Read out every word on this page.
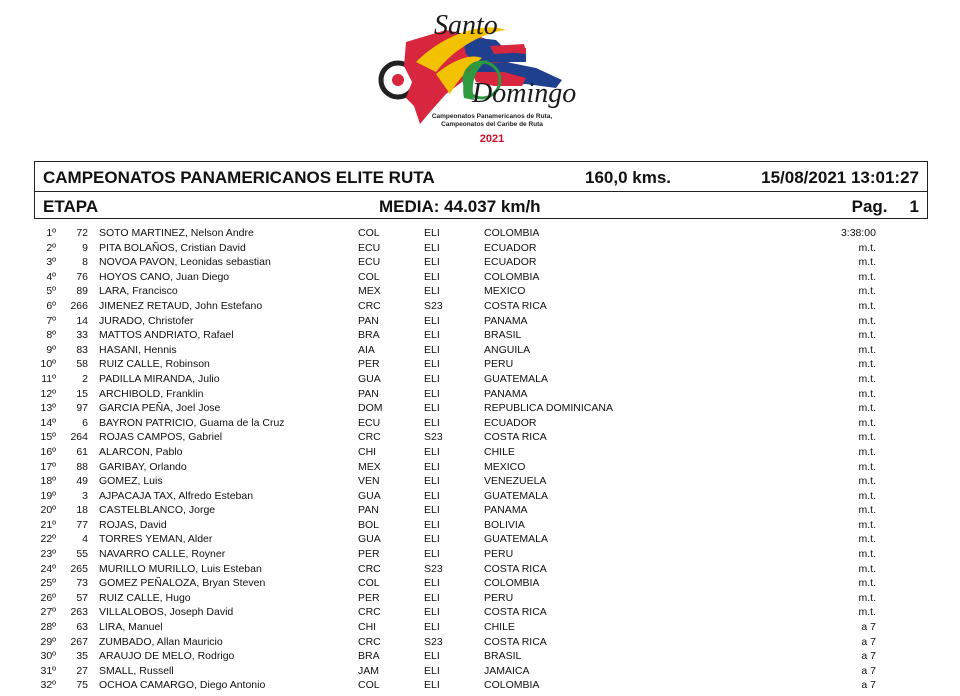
Santo
Domingo
Campeonatos Panamericanos de Ruta,
Campeonatos del Caribe de Ruta
2021
CAMPEONATOS PANAMERICANOS ELITE RUTA	160,0 kms.	15/08/2021 13:01:27
ETAPA	MEDIA: 44.037 km/h	Pag. 1
1º	72 SOTO MARTINEZ, Nelson Andre	COL	ELI	COLOMBIA	3:38:00
2º	9 PITA BOLAÑOS, Cristian David	ECU	ELI	ECUADOR	m.t.
3º	8 NOVOA PAVON, Leonidas sebastian	ECU	ELI	ECUADOR	m.t.
4º	76 HOYOS CANO, Juan Diego	COL	ELI	COLOMBIA	m.t.
5º	89 LARA, Francisco	MEX	ELI	MEXICO	m.t.
6º	266 JIMENEZ RETAUD, John Estefano	CRC	S23	COSTA RICA	m.t.
7º	14 JURADO, Christofer	PAN	ELI	PANAMA	m.t.
8º	33 MATTOS ANDRIATO, Rafael	BRA	ELI	BRASIL	m.t.
9º	83 HASANI, Hennis	AIA	ELI	ANGUILA	m.t.
10º	58 RUIZ CALLE, Robinson	PER	ELI	PERU	m.t.
11º	2 PADILLA MIRANDA, Julio	GUA	ELI	GUATEMALA	m.t.
12º	15 ARCHIBOLD, Franklin	PAN	ELI	PANAMA	m.t.
13º	97 GARCIA PEÑA, Joel Jose	DOM	ELI	REPUBLICA DOMINICANA	m.t.
14º	6 BAYRON PATRICIO, Guama de la Cruz	ECU	ELI	ECUADOR	m.t.
15º	264 ROJAS CAMPOS, Gabriel	CRC	S23	COSTA RICA	m.t.
16º	61 ALARCON, Pablo	CHI	ELI	CHILE	m.t.
17º	88 GARIBAY, Orlando	MEX	ELI	MEXICO	m.t.
18º	49 GOMEZ, Luis	VEN	ELI	VENEZUELA	m.t.
19º	3 AJPACAJA TAX, Alfredo Esteban	GUA	ELI	GUATEMALA	m.t.
20º	18 CASTELBLANCO, Jorge	PAN	ELI	PANAMA	m.t.
21º	77 ROJAS, David	BOL	ELI	BOLIVIA	m.t.
22º	4 TORRES YEMAN, Alder	GUA	ELI	GUATEMALA	m.t.
23º	55 NAVARRO CALLE, Royner	PER	ELI	PERU	m.t.
24º	265 MURILLO MURILLO, Luis Esteban	CRC	S23	COSTA RICA	m.t.
25º	73 GOMEZ PEÑALOZA, Bryan Steven	COL	ELI	COLOMBIA	m.t.
26º	57 RUIZ CALLE, Hugo	PER	ELI	PERU	m.t.
27º	263 VILLALOBOS, Joseph David	CRC	ELI	COSTA RICA	m.t.
28º	63 LIRA, Manuel	CHI	ELI	CHILE	a 7
29º	267 ZUMBADO, Allan Mauricio	CRC	S23	COSTA RICA	a 7
30º	35 ARAUJO DE MELO, Rodrigo	BRA	ELI	BRASIL	a 7
31º	27 SMALL, Russell	JAM	ELI	JAMAICA	a 7
32º	75 OCHOA CAMARGO, Diego Antonio	COL	ELI	COLOMBIA	a 7
